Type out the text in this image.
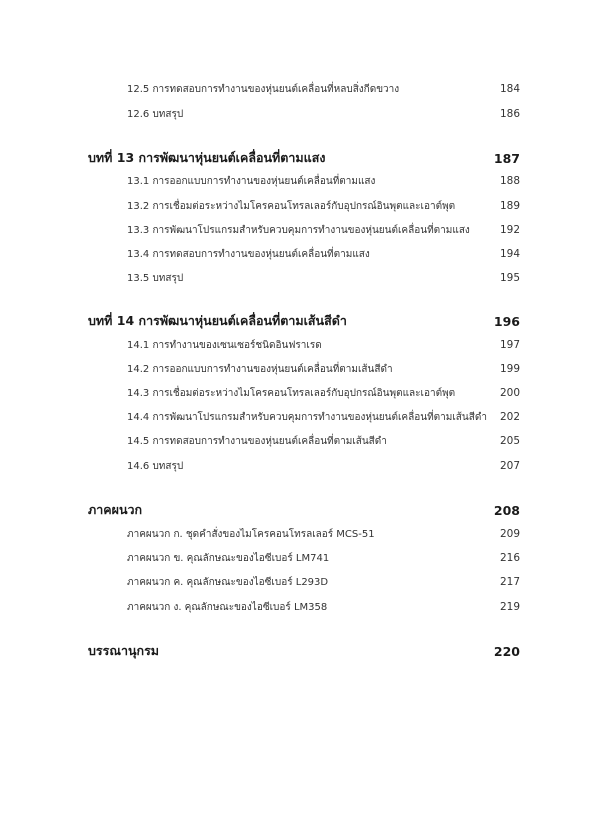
12.5 การทดสอบการทำงานของหุ่นยนต์เคลื่อนที่หลบสิ่งกีดขวาง	184
12.6 บทสรุป	186
บทที่ 13 การพัฒนาหุ่นยนต์เคลื่อนที่ตามแสง	187
13.1 การออกแบบการทำงานของหุ่นยนต์เคลื่อนที่ตามแสง	188
13.2 การเชื่อมต่อระหว่างไมโครคอนโทรลเลอร์กับอุปกรณ์อินพุตและเอาต์พุต	189
13.3 การพัฒนาโปรแกรมสำหรับควบคุมการทำงานของหุ่นยนต์เคลื่อนที่ตามแสง	192
13.4 การทดสอบการทำงานของหุ่นยนต์เคลื่อนที่ตามแสง	194
13.5 บทสรุป	195
บทที่ 14 การพัฒนาหุ่นยนต์เคลื่อนที่ตามเส้นสีดำ	196
14.1 การทำงานของเซนเซอร์ชนิดอินฟราเรด	197
14.2 การออกแบบการทำงานของหุ่นยนต์เคลื่อนที่ตามเส้นสีดำ	199
14.3 การเชื่อมต่อระหว่างไมโครคอนโทรลเลอร์กับอุปกรณ์อินพุตและเอาต์พุต	200
14.4 การพัฒนาโปรแกรมสำหรับควบคุมการทำงานของหุ่นยนต์เคลื่อนที่ตามเส้นสีดำ 202
14.5 การทดสอบการทำงานของหุ่นยนต์เคลื่อนที่ตามเส้นสีดำ	205
14.6 บทสรุป	207
ภาคผนวก	208
ภาคผนวก ก. ชุดคำสั่งของไมโครคอนโทรลเลอร์ MCS-51	209
ภาคผนวก ข. คุณลักษณะของไอซีเบอร์ LM741	216
ภาคผนวก ค. คุณลักษณะของไอซีเบอร์ L293D	217
ภาคผนวก ง. คุณลักษณะของไอซีเบอร์ LM358	219
บรรณานุกรม	220
